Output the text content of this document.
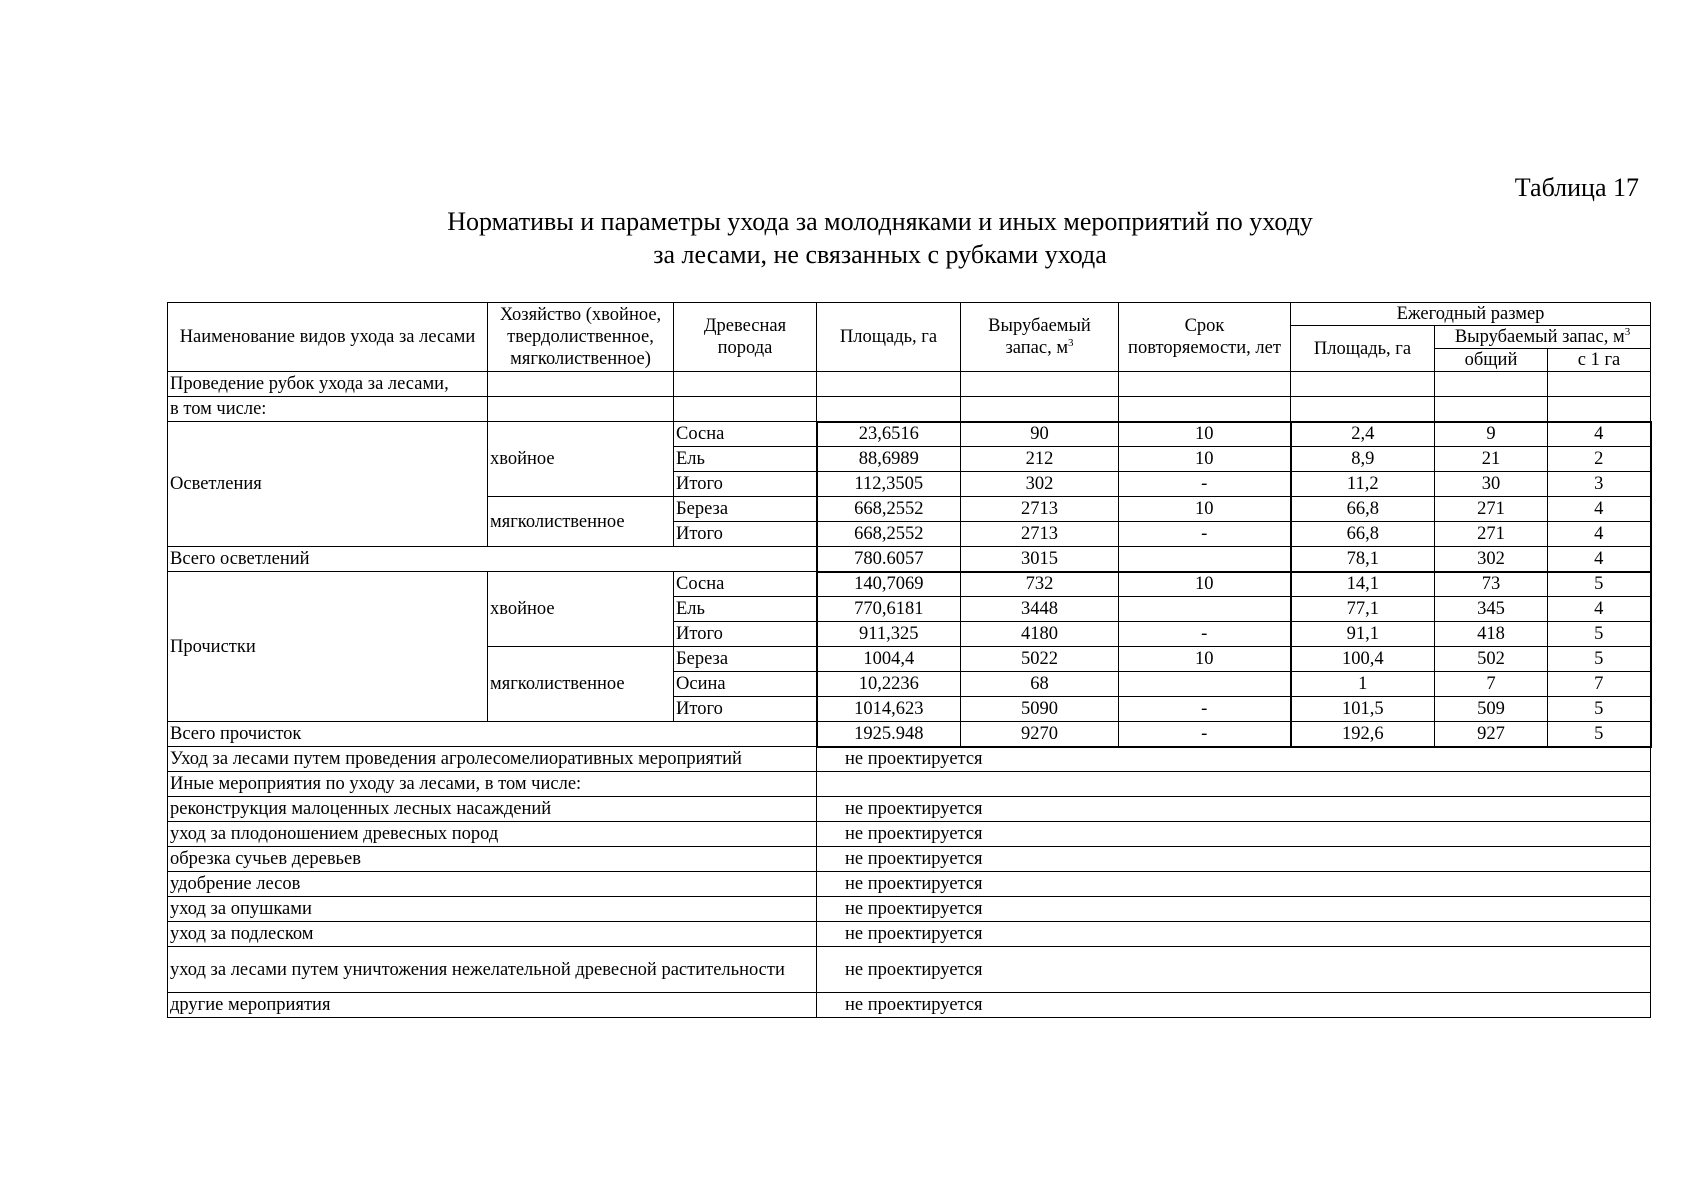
Таблица 17
Нормативы и параметры ухода за молодняками и иных мероприятий по уходу
за лесами, не связанных с рубками ухода
Наименование видов ухода за лесами	Хозяйство (хвойное, твердолиственное, мягколиственное)	Древесная порода	Площадь, га	Вырубаемый запас, $м^3$	Срок повторяемости, лет	Ежегодный размер		
						Площадь, га	Вырубаемый запас, $м^3$
							общий	с 1 га
Проведение рубок ухода за лесами,								
в том числе:								
Осветления	хвойное	Сосна	23,6516	90	10	2,4	9	4
		Ель	88,6989	212	10	8,9	21	2
		Итого	112,3505	302	-	11,2	30	3
	мягколиственное	Береза	668,2552	2713	10	66,8	271	4
		Итого	668,2552	2713	-	66,8	271	4
Всего осветлений			780.6057	3015		78,1	302	4
Прочистки	хвойное	Сосна	140,7069	732	10	14,1	73	5
		Ель	770,6181	3448		77,1	345	4
		Итого	911,325	4180	-	91,1	418	5
	мягколиственное	Береза	1004,4	5022	10	100,4	502	5
		Осина	10,2236	68		1	7	7
		Итого	1014,623	5090	-	101,5	509	5
Всего прочисток			1925.948	9270	-	192,6	927	5
Уход за лесами путем проведения агролесомелиоративных мероприятий			не проектируется					
Иные мероприятия по уходу за лесами, в том числе:								
реконструкция малоценных лесных насаждений			не проектируется					
уход за плодоношением древесных пород			не проектируется					
обрезка сучьев деревьев			не проектируется					
удобрение лесов			не проектируется					
уход за опушками			не проектируется					
уход за подлеском			не проектируется					
уход за лесами путем уничтожения нежелательной древесной растительности			не проектируется					
другие мероприятия			не проектируется					
